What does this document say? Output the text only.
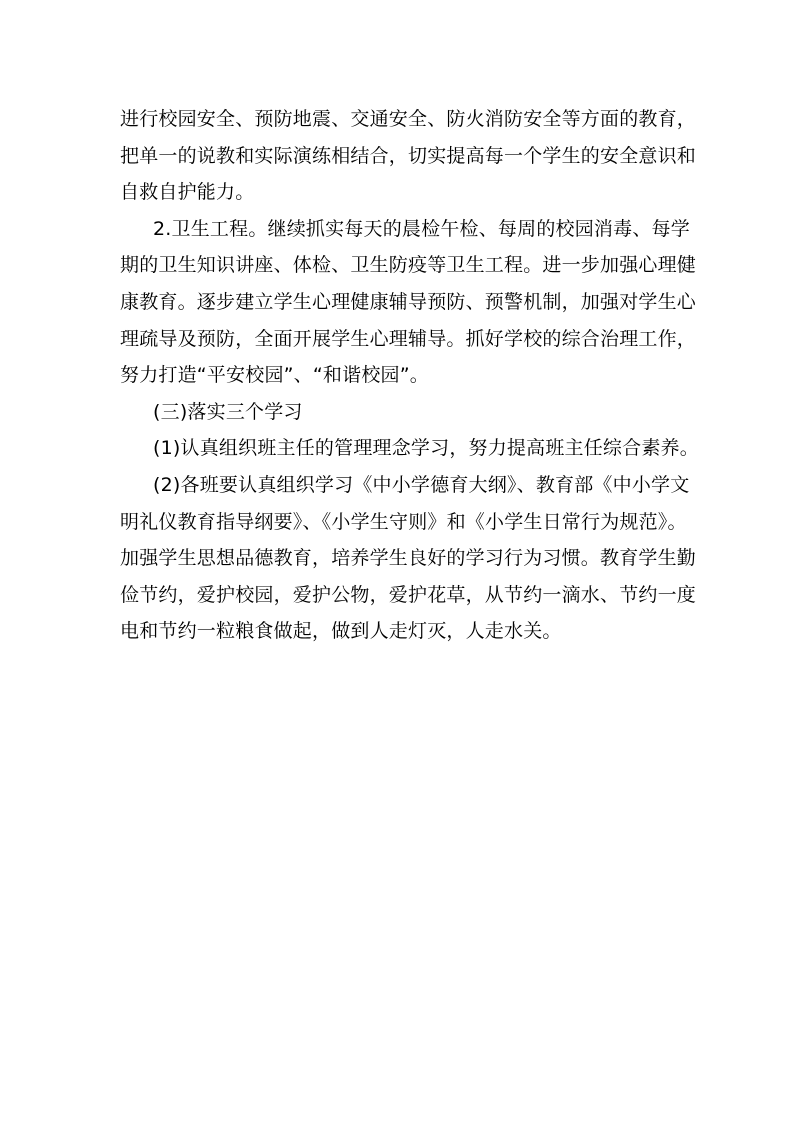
进行校园安全、预防地震、交通安全、防火消防安全等方面的教育，
把单一的说教和实际演练相结合，切实提高每一个学生的安全意识和
自救自护能力。
2.卫生工程。继续抓实每天的晨检午检、每周的校园消毒、每学
期的卫生知识讲座、体检、卫生防疫等卫生工程。进一步加强心理健
康教育。逐步建立学生心理健康辅导预防、预警机制，加强对学生心
理疏导及预防，全面开展学生心理辅导。抓好学校的综合治理工作，
努力打造“平安校园”、“和谐校园”。
(三)落实三个学习
(1)认真组织班主任的管理理念学习，努力提高班主任综合素养。
(2)各班要认真组织学习《中小学德育大纲》、教育部《中小学文
明礼仪教育指导纲要》、《小学生守则》和《小学生日常行为规范》。
加强学生思想品德教育，培养学生良好的学习行为习惯。教育学生勤
俭节约，爱护校园，爱护公物，爱护花草，从节约一滴水、节约一度
电和节约一粒粮食做起，做到人走灯灭，人走水关。
